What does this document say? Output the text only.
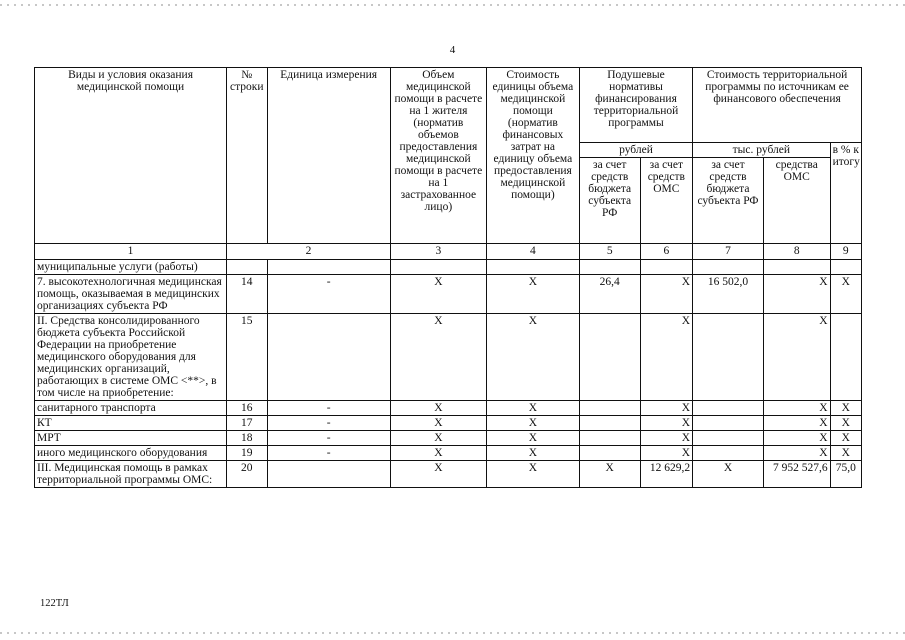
4
Виды и условия оказания медицинской помощи	№ строки	Единица измерения	Объем медицинской помощи в расчете на 1 жителя (норматив объемов предоставления медицинской помощи в расчете на 1 застрахованное лицо)	Стоимость единицы объема медицинской помощи (норматив финансовых затрат на единицу объема предоставления медицинской помощи)	Подушевые нормативы финансирования территориальной программы		Стоимость территориальной программы по источникам ее финансового обеспечения		
					рублей		тыс. рублей		в % к итогу
					за счет средств бюджета субъекта РФ	за счет средств ОМС	за счет средств бюджета субъекта РФ	средства ОМС	
1	2		3	4	5	6	7	8	9
муниципальные услуги (работы)									
7. высокотехнологичная медицинская помощь, оказываемая в медицинских организациях субъекта РФ	14	-	X	X	26,4	X	16 502,0	X	X
II. Средства консолидированного бюджета субъекта Российской Федерации на приобретение медицинского оборудования для медицинских организаций, работающих в системе ОМС <**>, в том числе на приобретение:	15		X	X		X		X	
санитарного транспорта	16	-	X	X		X		X	X
КТ	17	-	X	X		X		X	X
МРТ	18	-	X	X		X		X	X
иного медицинского оборудования	19	-	X	X		X		X	X
III. Медицинская помощь в рамках территориальной программы ОМС:	20		X	X	X	12 629,2	X	7 952 527,6	75,0
122ТЛ
